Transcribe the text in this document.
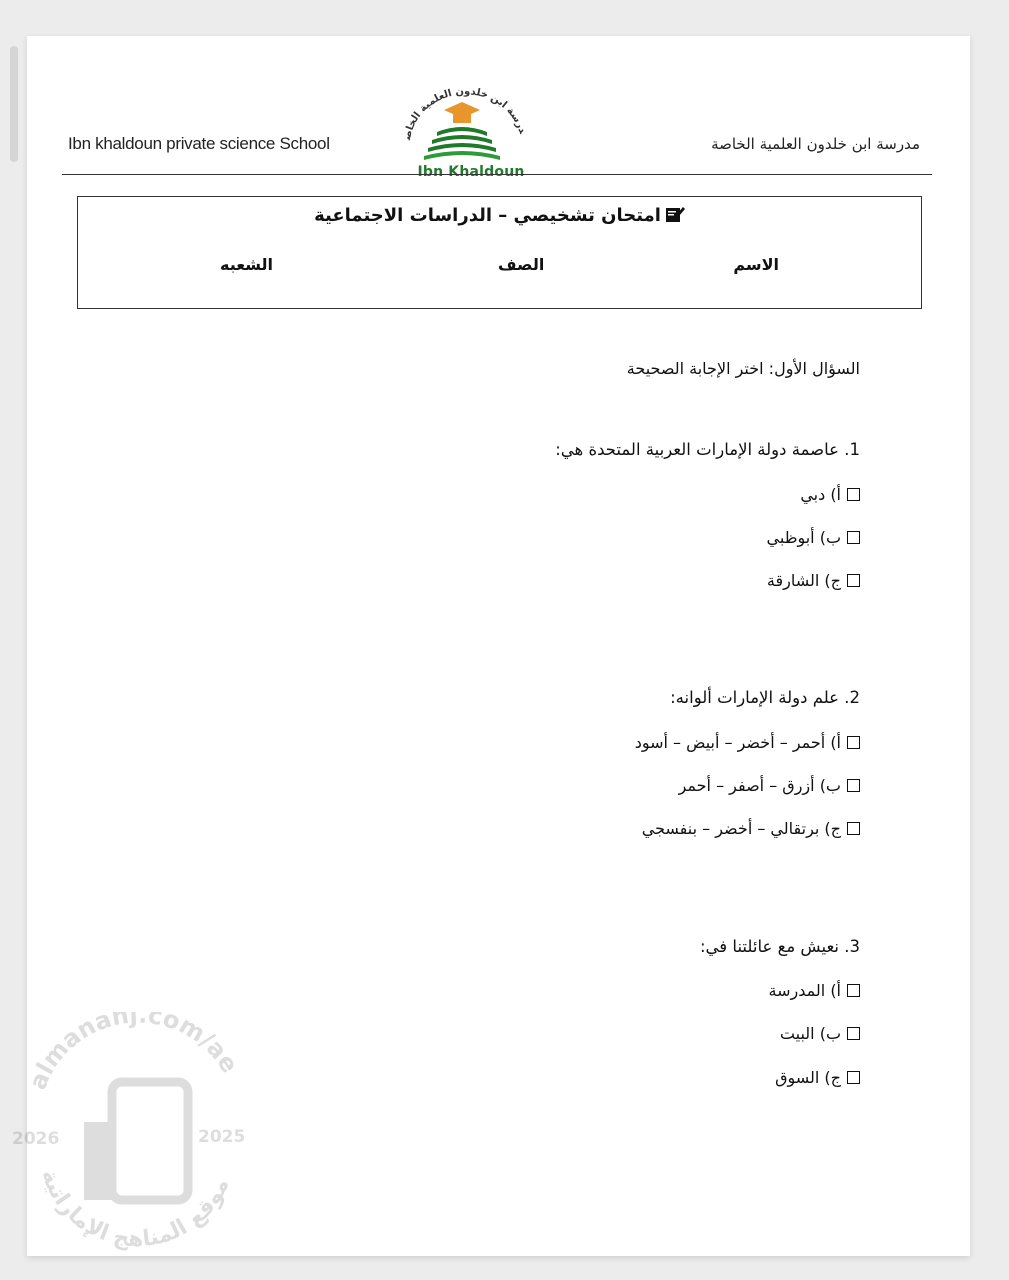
Ibn khaldoun private science School
درسة ابن خلدون العلمية الخاص
Ibn Khaldoun
مدرسة ابن خلدون العلمية الخاصة
امتحان تشخيصي – الدراسات الاجتماعية
الاسم
الصف
الشعبه
السؤال الأول: اختر الإجابة الصحيحة
1. عاصمة دولة الإمارات العربية المتحدة هي:
أ) دبي
ب) أبوظبي
ج) الشارقة
2. علم دولة الإمارات ألوانه:
أ) أحمر – أخضر – أبيض – أسود
ب) أزرق – أصفر – أحمر
ج) برتقالي – أخضر – بنفسجي
3. نعيش مع عائلتنا في:
أ) المدرسة
ب) البيت
ج) السوق
almanahj.com/ae
موقع المناهج الإماراتية
2026	2025
